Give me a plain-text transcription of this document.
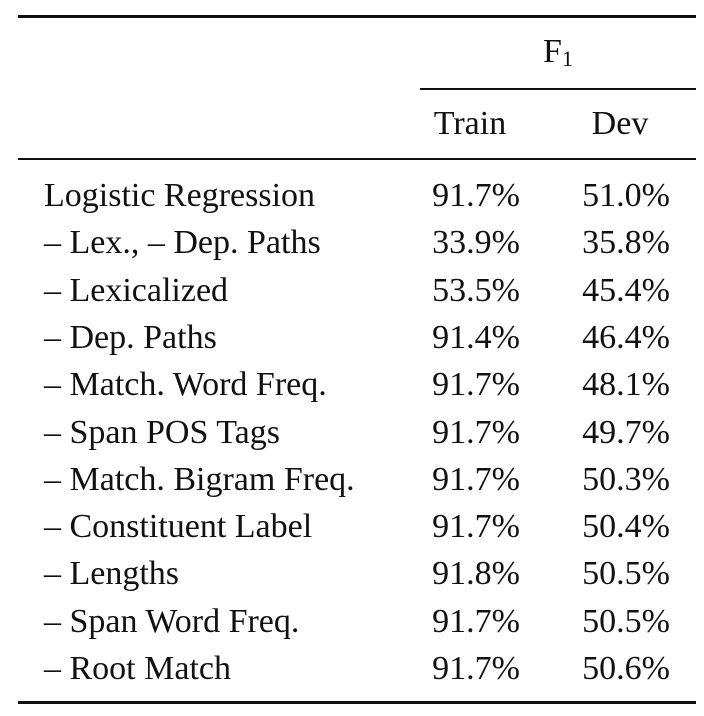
$F_1$
Train	Dev
Logistic Regression	91.7%	51.0%
– Lex., – Dep. Paths	33.9%	35.8%
– Lexicalized	53.5%	45.4%
– Dep. Paths	91.4%	46.4%
– Match. Word Freq.	91.7%	48.1%
– Span POS Tags	91.7%	49.7%
– Match. Bigram Freq.	91.7%	50.3%
– Constituent Label	91.7%	50.4%
– Lengths	91.8%	50.5%
– Span Word Freq.	91.7%	50.5%
– Root Match	91.7%	50.6%
